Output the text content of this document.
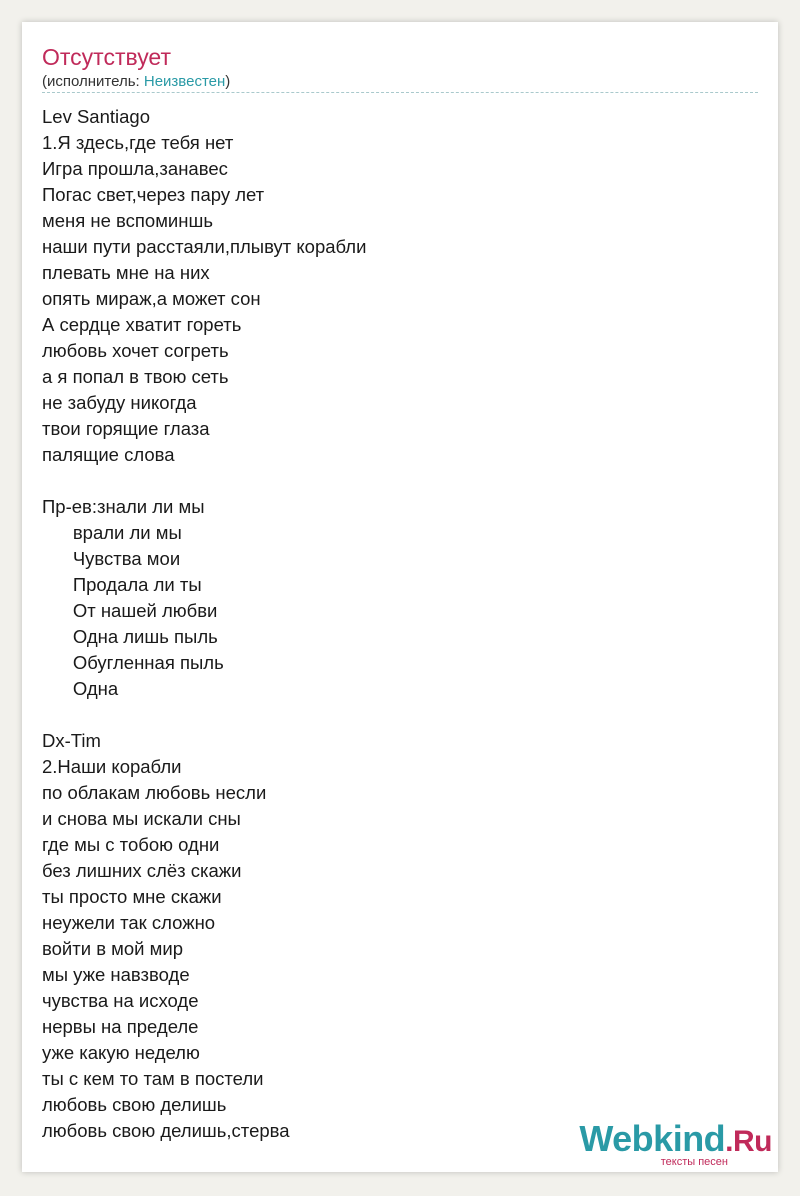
Отсутствует
(исполнитель: Неизвестен)
Lev Santiago
1.Я здесь,где тебя нет
Игра прошла,занавес
Погас свет,через пару лет
меня не вспоминшь
наши пути расстаяли,плывут корабли
плевать мне на них
опять мираж,а может сон
А сердце хватит гореть
любовь хочет согреть
а я попал в твою сеть
не забуду никогда
твои горящие глаза
палящие слова
Пр-ев:знали ли мы
врали ли мы
Чувства мои
Продала ли ты
От нашей любви
Одна лишь пыль
Обугленная пыль
Одна
Dx-Tim
2.Наши корабли
по облакам любовь несли
и снова мы искали сны
где мы с тобою одни
без лишних слёз скажи
ты просто мне скажи
неужели так сложно
войти в мой мир
мы уже навзводе
чувства на исходе
нервы на пределе
уже какую неделю
ты с кем то там в постели
любовь свою делишь
любовь свою делишь,стерва	Webkind.Ru
тексты песен
